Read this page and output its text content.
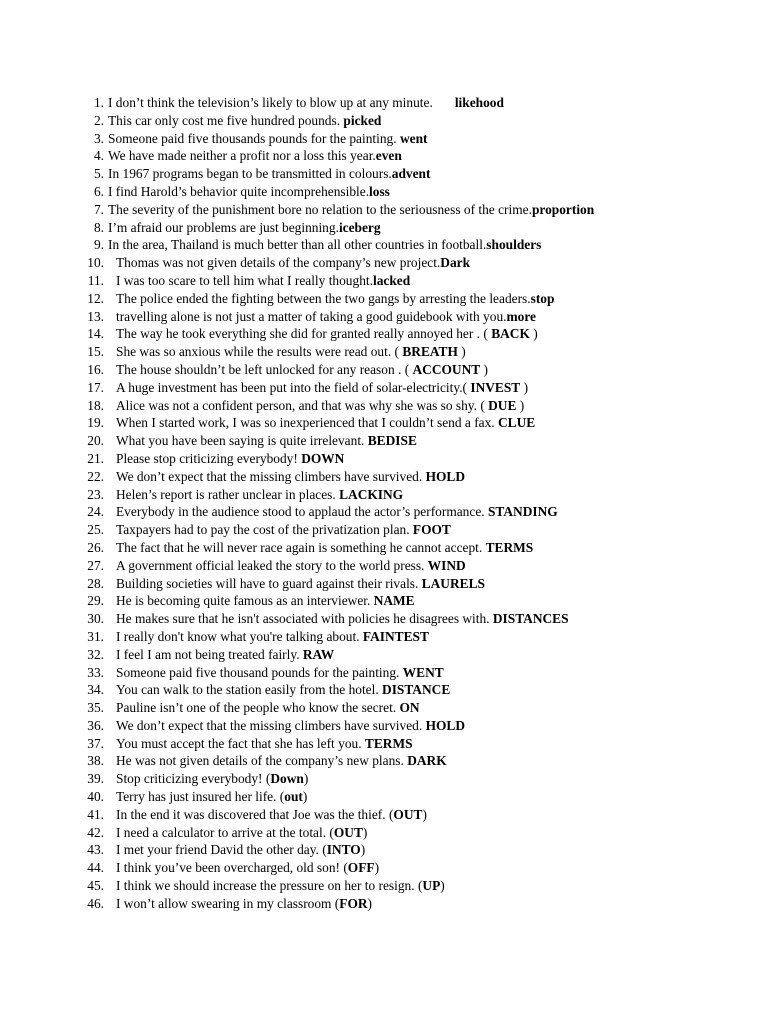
1. I don’t think the television’s likely to blow up at any minute. likehood
2. This car only cost me five hundred pounds. picked
3. Someone paid five thousands pounds for the painting. went
4. We have made neither a profit nor a loss this year.even
5. In 1967 programs began to be transmitted in colours.advent
6. I find Harold’s behavior quite incomprehensible.loss
7. The severity of the punishment bore no relation to the seriousness of the crime.proportion
8. I’m afraid our problems are just beginning.iceberg
9. In the area, Thailand is much better than all other countries in football.shoulders
10. Thomas was not given details of the company’s new project.Dark
11. I was too scare to tell him what I really thought.lacked
12. The police ended the fighting between the two gangs by arresting the leaders.stop
13. travelling alone is not just a matter of taking a good guidebook with you.more
14. The way he took everything she did for granted really annoyed her . ( BACK )
15. She was so anxious while the results were read out. ( BREATH )
16. The house shouldn’t be left unlocked for any reason . ( ACCOUNT )
17. A huge investment has been put into the field of solar-electricity.( INVEST )
18. Alice was not a confident person, and that was why she was so shy. ( DUE )
19. When I started work, I was so inexperienced that I couldn’t send a fax. CLUE
20. What you have been saying is quite irrelevant. BEDISE
21. Please stop criticizing everybody! DOWN
22. We don’t expect that the missing climbers have survived. HOLD
23. Helen’s report is rather unclear in places. LACKING
24. Everybody in the audience stood to applaud the actor’s performance. STANDING
25. Taxpayers had to pay the cost of the privatization plan. FOOT
26. The fact that he will never race again is something he cannot accept. TERMS
27. A government official leaked the story to the world press. WIND
28. Building societies will have to guard against their rivals. LAURELS
29. He is becoming quite famous as an interviewer. NAME
30. He makes sure that he isn't associated with policies he disagrees with. DISTANCES
31. I really don't know what you're talking about. FAINTEST
32. I feel I am not being treated fairly. RAW
33. Someone paid five thousand pounds for the painting. WENT
34. You can walk to the station easily from the hotel. DISTANCE
35. Pauline isn’t one of the people who know the secret. ON
36. We don’t expect that the missing climbers have survived. HOLD
37. You must accept the fact that she has left you. TERMS
38. He was not given details of the company’s new plans. DARK
39. Stop criticizing everybody! (Down)
40. Terry has just insured her life. (out)
41. In the end it was discovered that Joe was the thief. (OUT)
42. I need a calculator to arrive at the total. (OUT)
43. I met your friend David the other day. (INTO)
44. I think you’ve been overcharged, old son! (OFF)
45. I think we should increase the pressure on her to resign. (UP)
46. I won’t allow swearing in my classroom (FOR)
